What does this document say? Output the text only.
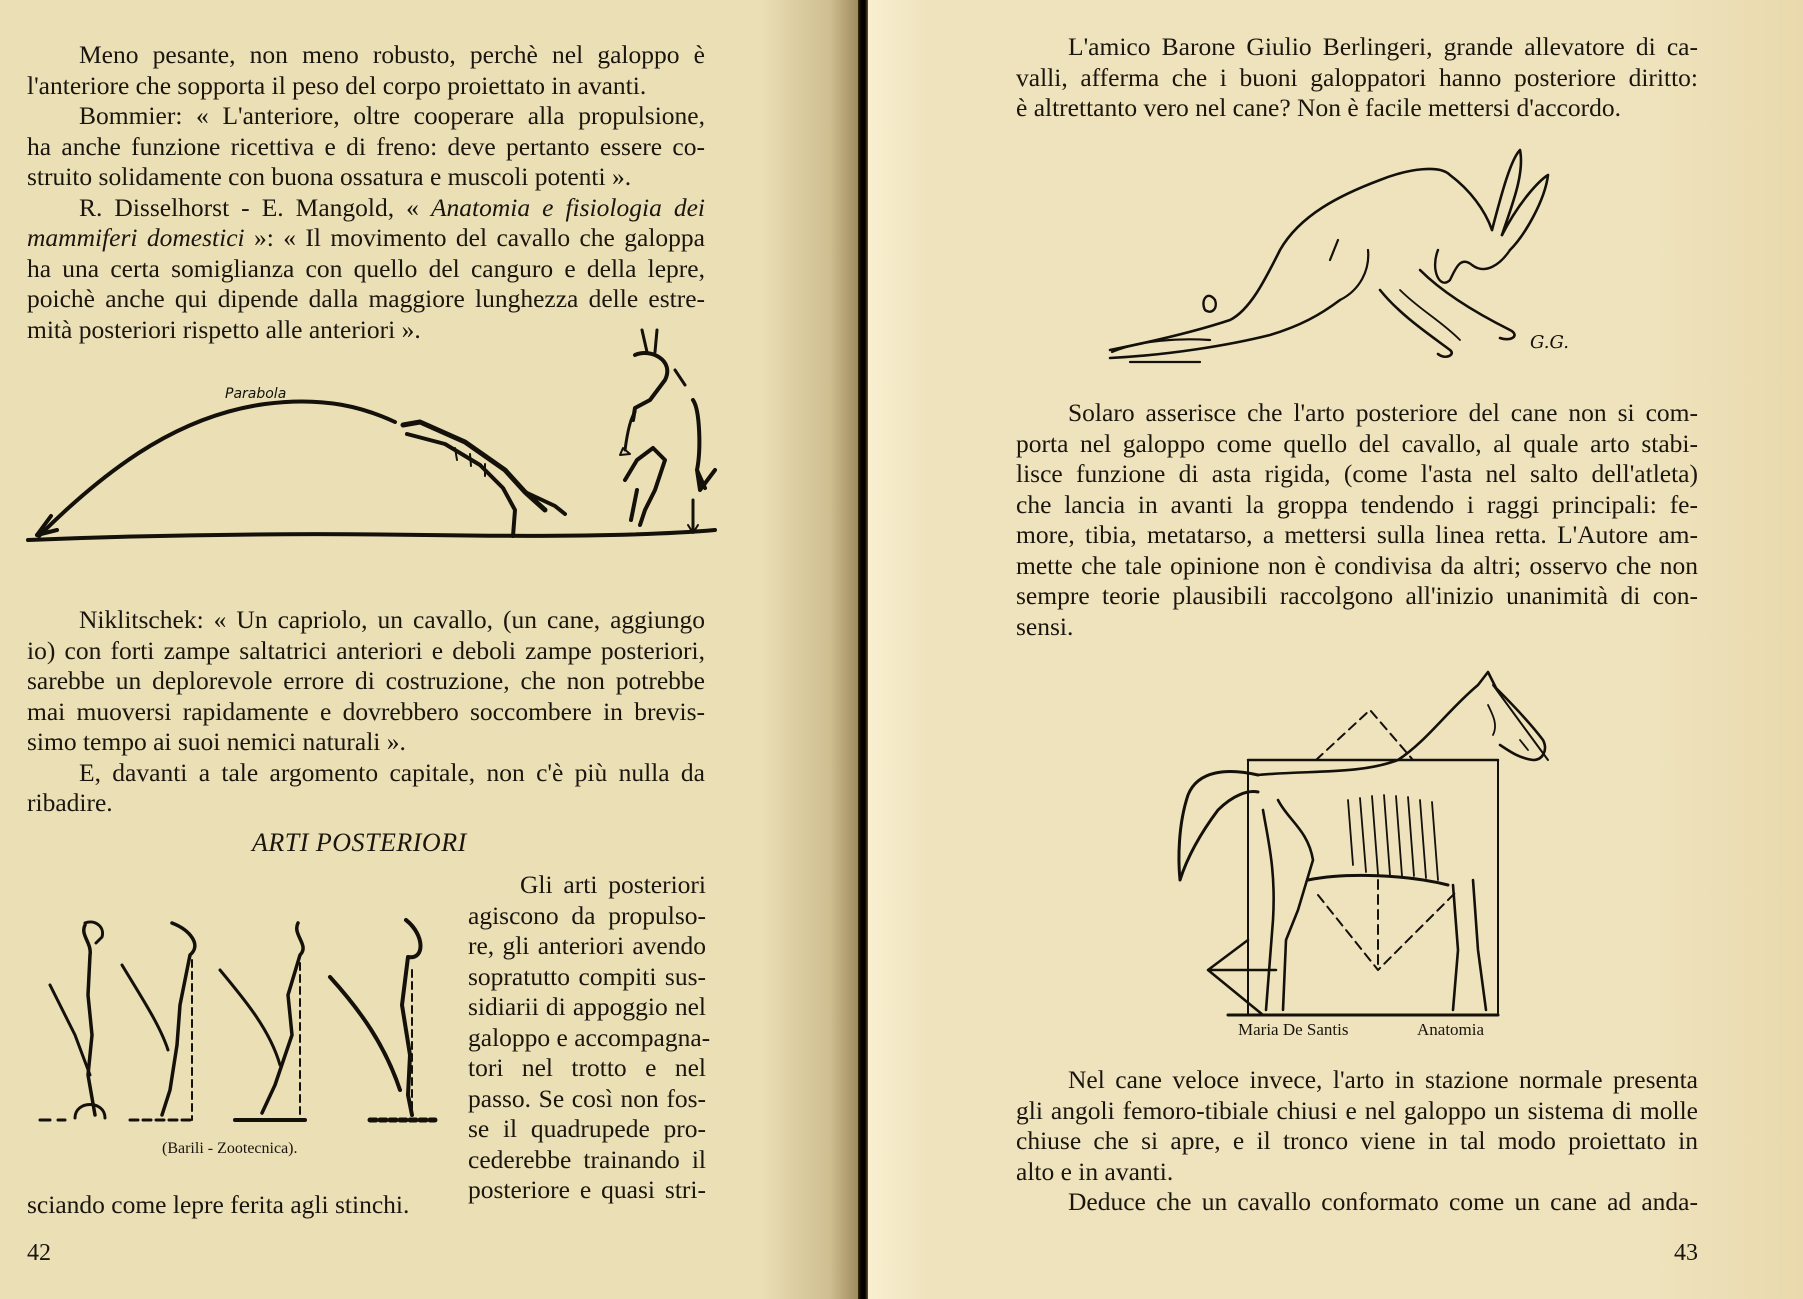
Meno pesante, non meno robusto, perchè nel galoppo è
l'anteriore che sopporta il peso del corpo proiettato in avanti.
Bommier: « L'anteriore, oltre cooperare alla propulsione,
ha anche funzione ricettiva e di freno: deve pertanto essere co-
struito solidamente con buona ossatura e muscoli potenti ».
R. Disselhorst - E. Mangold, « Anatomia e fisiologia dei
mammiferi domestici »: « Il movimento del cavallo che galoppa
ha una certa somiglianza con quello del canguro e della lepre,
poichè anche qui dipende dalla maggiore lunghezza delle estre-
mità posteriori rispetto alle anteriori ».
Parabola
Niklitschek: « Un capriolo, un cavallo, (un cane, aggiungo
io) con forti zampe saltatrici anteriori e deboli zampe posteriori,
sarebbe un deplorevole errore di costruzione, che non potrebbe
mai muoversi rapidamente e dovrebbero soccombere in brevis-
simo tempo ai suoi nemici naturali ».
E, davanti a tale argomento capitale, non c'è più nulla da
ribadire.
ARTI POSTERIORI
(Barili - Zootecnica).
Gli arti posteriori
agiscono da propulso-
re, gli anteriori avendo
sopratutto compiti sus-
sidiarii di appoggio nel
galoppo e accompagna-
tori nel trotto e nel
passo. Se così non fos-
se il quadrupede pro-
cederebbe trainando il
posteriore e quasi stri-
sciando come lepre ferita agli stinchi.
42
L'amico Barone Giulio Berlingeri, grande allevatore di ca-
valli, afferma che i buoni galoppatori hanno posteriore diritto:
è altrettanto vero nel cane? Non è facile mettersi d'accordo.
G.G.
Solaro asserisce che l'arto posteriore del cane non si com-
porta nel galoppo come quello del cavallo, al quale arto stabi-
lisce funzione di asta rigida, (come l'asta nel salto dell'atleta)
che lancia in avanti la groppa tendendo i raggi principali: fe-
more, tibia, metatarso, a mettersi sulla linea retta. L'Autore am-
mette che tale opinione non è condivisa da altri; osservo che non
sempre teorie plausibili raccolgono all'inizio unanimità di con-
sensi.
Maria De Santis	Anatomia
Nel cane veloce invece, l'arto in stazione normale presenta
gli angoli femoro-tibiale chiusi e nel galoppo un sistema di molle
chiuse che si apre, e il tronco viene in tal modo proiettato in
alto e in avanti.
Deduce che un cavallo conformato come un cane ad anda-
43
